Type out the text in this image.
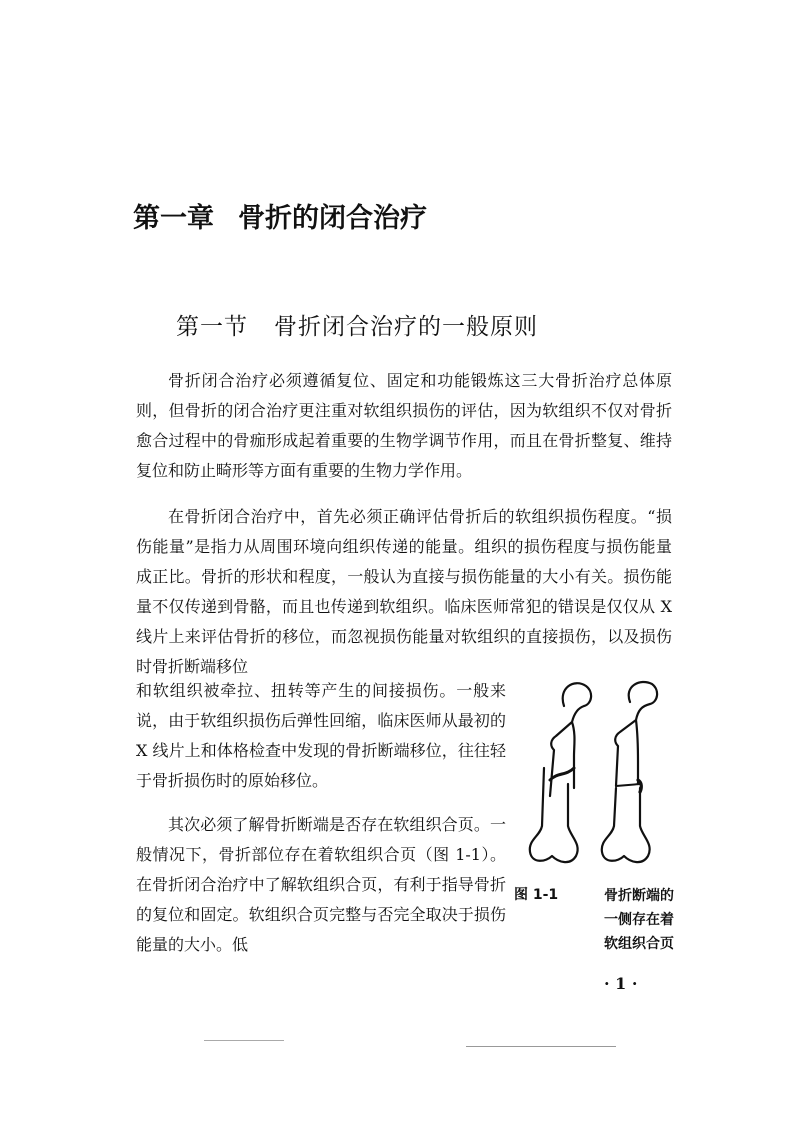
第一章 骨折的闭合治疗
第一节 骨折闭合治疗的一般原则

骨折闭合治疗必须遵循复位、固定和功能锻炼这三大骨折治疗总体原则，但骨折的闭合治疗更注重对软组织损伤的评估，因为软组织不仅对骨折愈合过程中的骨痂形成起着重要的生物学调节作用，而且在骨折整复、维持复位和防止畸形等方面有重要的生物力学作用。

在骨折闭合治疗中，首先必须正确评估骨折后的软组织损伤程度。“损伤能量”是指力从周围环境向组织传递的能量。组织的损伤程度与损伤能量成正比。骨折的形状和程度，一般认为直接与损伤能量的大小有关。损伤能量不仅传递到骨骼，而且也传递到软组织。临床医师常犯的错误是仅仅从 X 线片上来评估骨折的移位，而忽视损伤能量对软组织的直接损伤，以及损伤时骨折断端移位

和软组织被牵拉、扭转等产生的间接损伤。一般来说，由于软组织损伤后弹性回缩，临床医师从最初的 X 线片上和体格检查中发现的骨折断端移位，往往轻于骨折损伤时的原始移位。

其次必须了解骨折断端是否存在软组织合页。一般情况下，骨折部位存在着软组织合页（图 1-1）。在骨折闭合治疗中了解软组织合页，有利于指导骨折的复位和固定。软组织合页完整与否完全取决于损伤能量的大小。低

图 1-1	骨折断端的
一侧存在着
软组织合页
· 1 ·
